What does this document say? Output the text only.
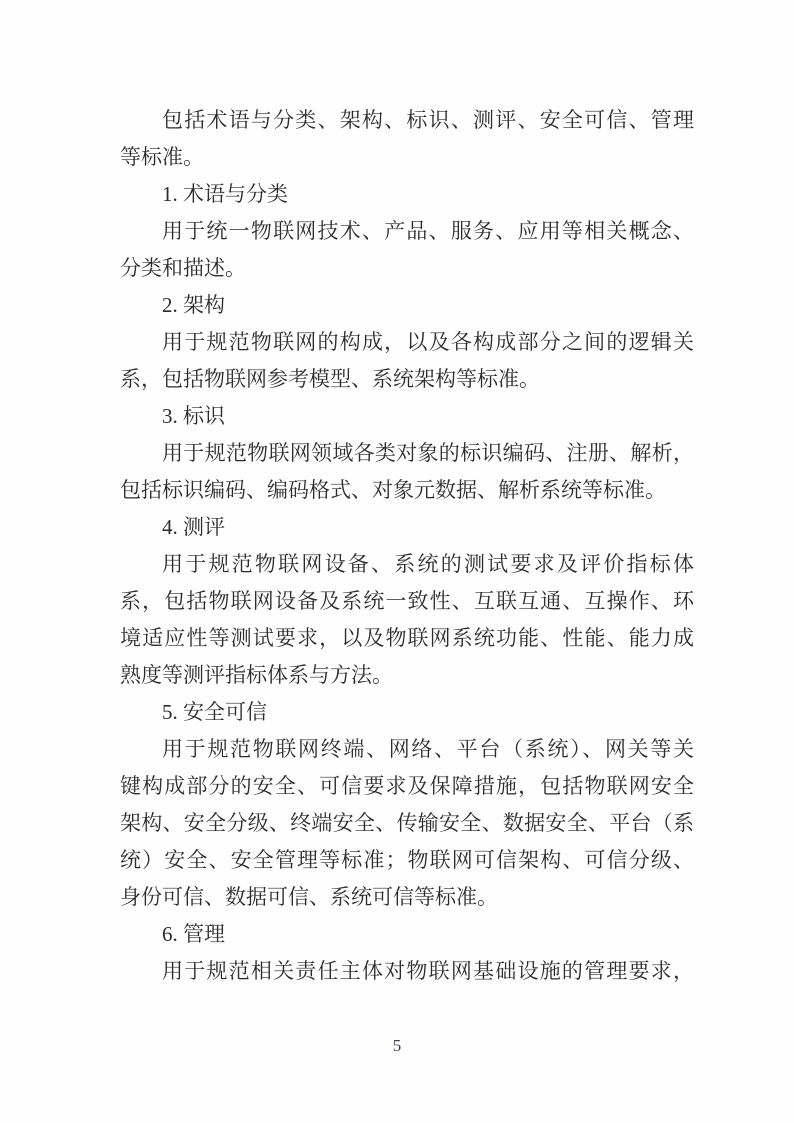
包括术语与分类、架构、标识、测评、安全可信、管理
等标准。
1. 术语与分类
用于统一物联网技术、产品、服务、应用等相关概念、
分类和描述。
2. 架构
用于规范物联网的构成，以及各构成部分之间的逻辑关
系，包括物联网参考模型、系统架构等标准。
3. 标识
用于规范物联网领域各类对象的标识编码、注册、解析，
包括标识编码、编码格式、对象元数据、解析系统等标准。
4. 测评
用于规范物联网设备、系统的测试要求及评价指标体
系，包括物联网设备及系统一致性、互联互通、互操作、环
境适应性等测试要求，以及物联网系统功能、性能、能力成
熟度等测评指标体系与方法。
5. 安全可信
用于规范物联网终端、网络、平台（系统）、网关等关
键构成部分的安全、可信要求及保障措施，包括物联网安全
架构、安全分级、终端安全、传输安全、数据安全、平台（系
统）安全、安全管理等标准；物联网可信架构、可信分级、
身份可信、数据可信、系统可信等标准。
6. 管理
用于规范相关责任主体对物联网基础设施的管理要求，
5
